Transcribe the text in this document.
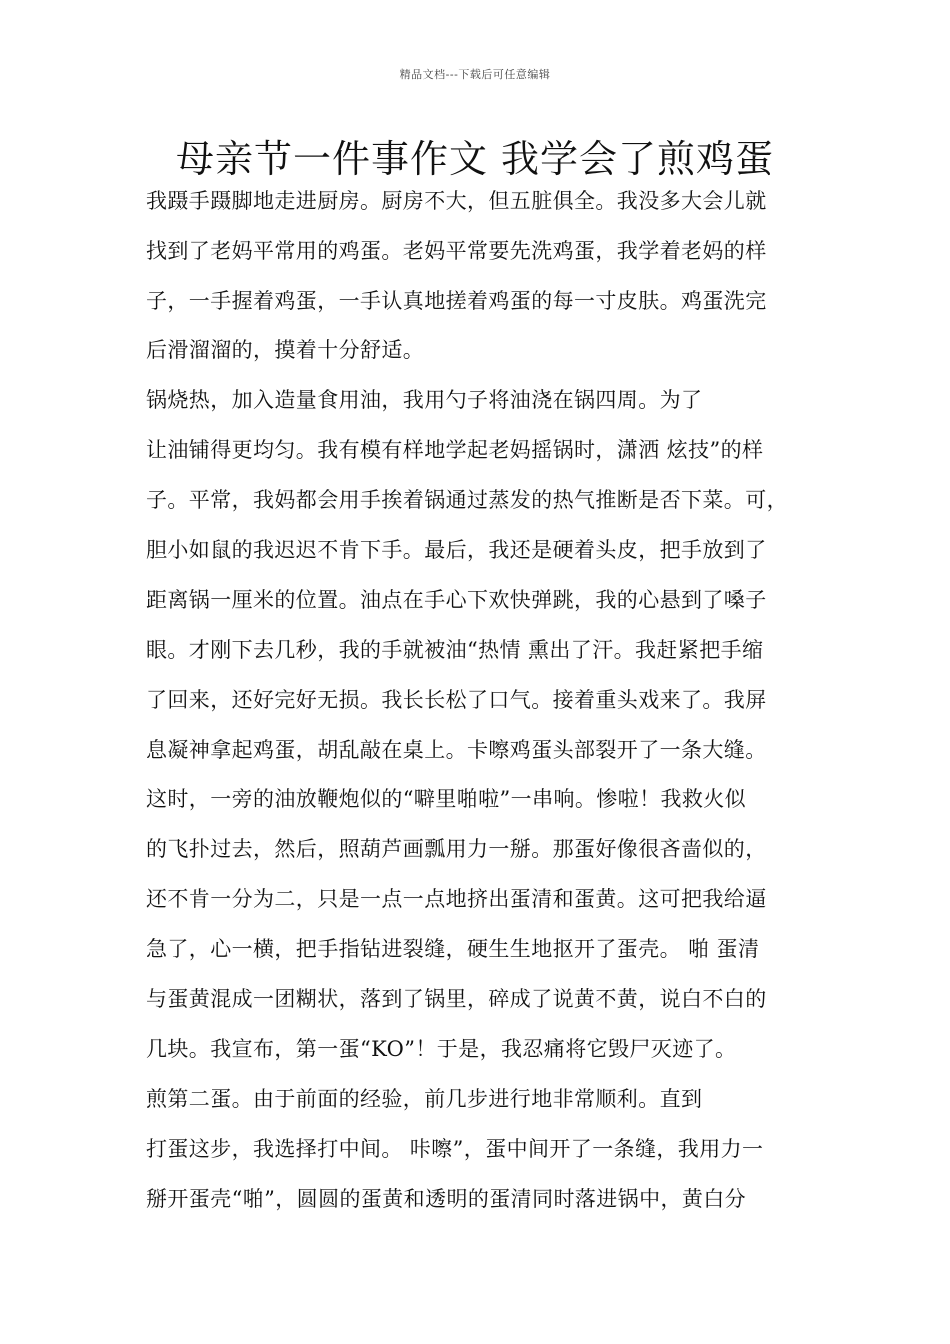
精品文档---下载后可任意编辑
母亲节一件事作文 我学会了煎鸡蛋
我蹑手蹑脚地走进厨房。厨房不大，但五脏俱全。我没多大会儿就
找到了老妈平常用的鸡蛋。老妈平常要先洗鸡蛋，我学着老妈的样
子，一手握着鸡蛋，一手认真地搓着鸡蛋的每一寸皮肤。鸡蛋洗完
后滑溜溜的，摸着十分舒适。
锅烧热，加入造量食用油，我用勺子将油浇在锅四周。为了
让油铺得更均匀。我有模有样地学起老妈摇锅时，潇洒 炫技”的样
子。平常，我妈都会用手挨着锅通过蒸发的热气推断是否下菜。可，
胆小如鼠的我迟迟不肯下手。最后，我还是硬着头皮，把手放到了
距离锅一厘米的位置。油点在手心下欢快弹跳，我的心悬到了嗓子
眼。才刚下去几秒，我的手就被油“热情 熏出了汗。我赶紧把手缩
了回来，还好完好无损。我长长松了口气。接着重头戏来了。我屏
息凝神拿起鸡蛋，胡乱敲在桌上。卡嚓鸡蛋头部裂开了一条大缝。
这时，一旁的油放鞭炮似的“噼里啪啦”一串响。惨啦！我救火似
的飞扑过去，然后，照葫芦画瓢用力一掰。那蛋好像很吝啬似的，
还不肯一分为二，只是一点一点地挤出蛋清和蛋黄。这可把我给逼
急了，心一横，把手指钻进裂缝，硬生生地抠开了蛋壳。 啪 蛋清
与蛋黄混成一团糊状，落到了锅里，碎成了说黄不黄，说白不白的
几块。我宣布，第一蛋“KO”！于是，我忍痛将它毁尸灭迹了。
煎第二蛋。由于前面的经验，前几步进行地非常顺利。直到
打蛋这步，我选择打中间。 咔嚓”，蛋中间开了一条缝，我用力一
掰开蛋壳“啪”，圆圆的蛋黄和透明的蛋清同时落进锅中，黄白分
